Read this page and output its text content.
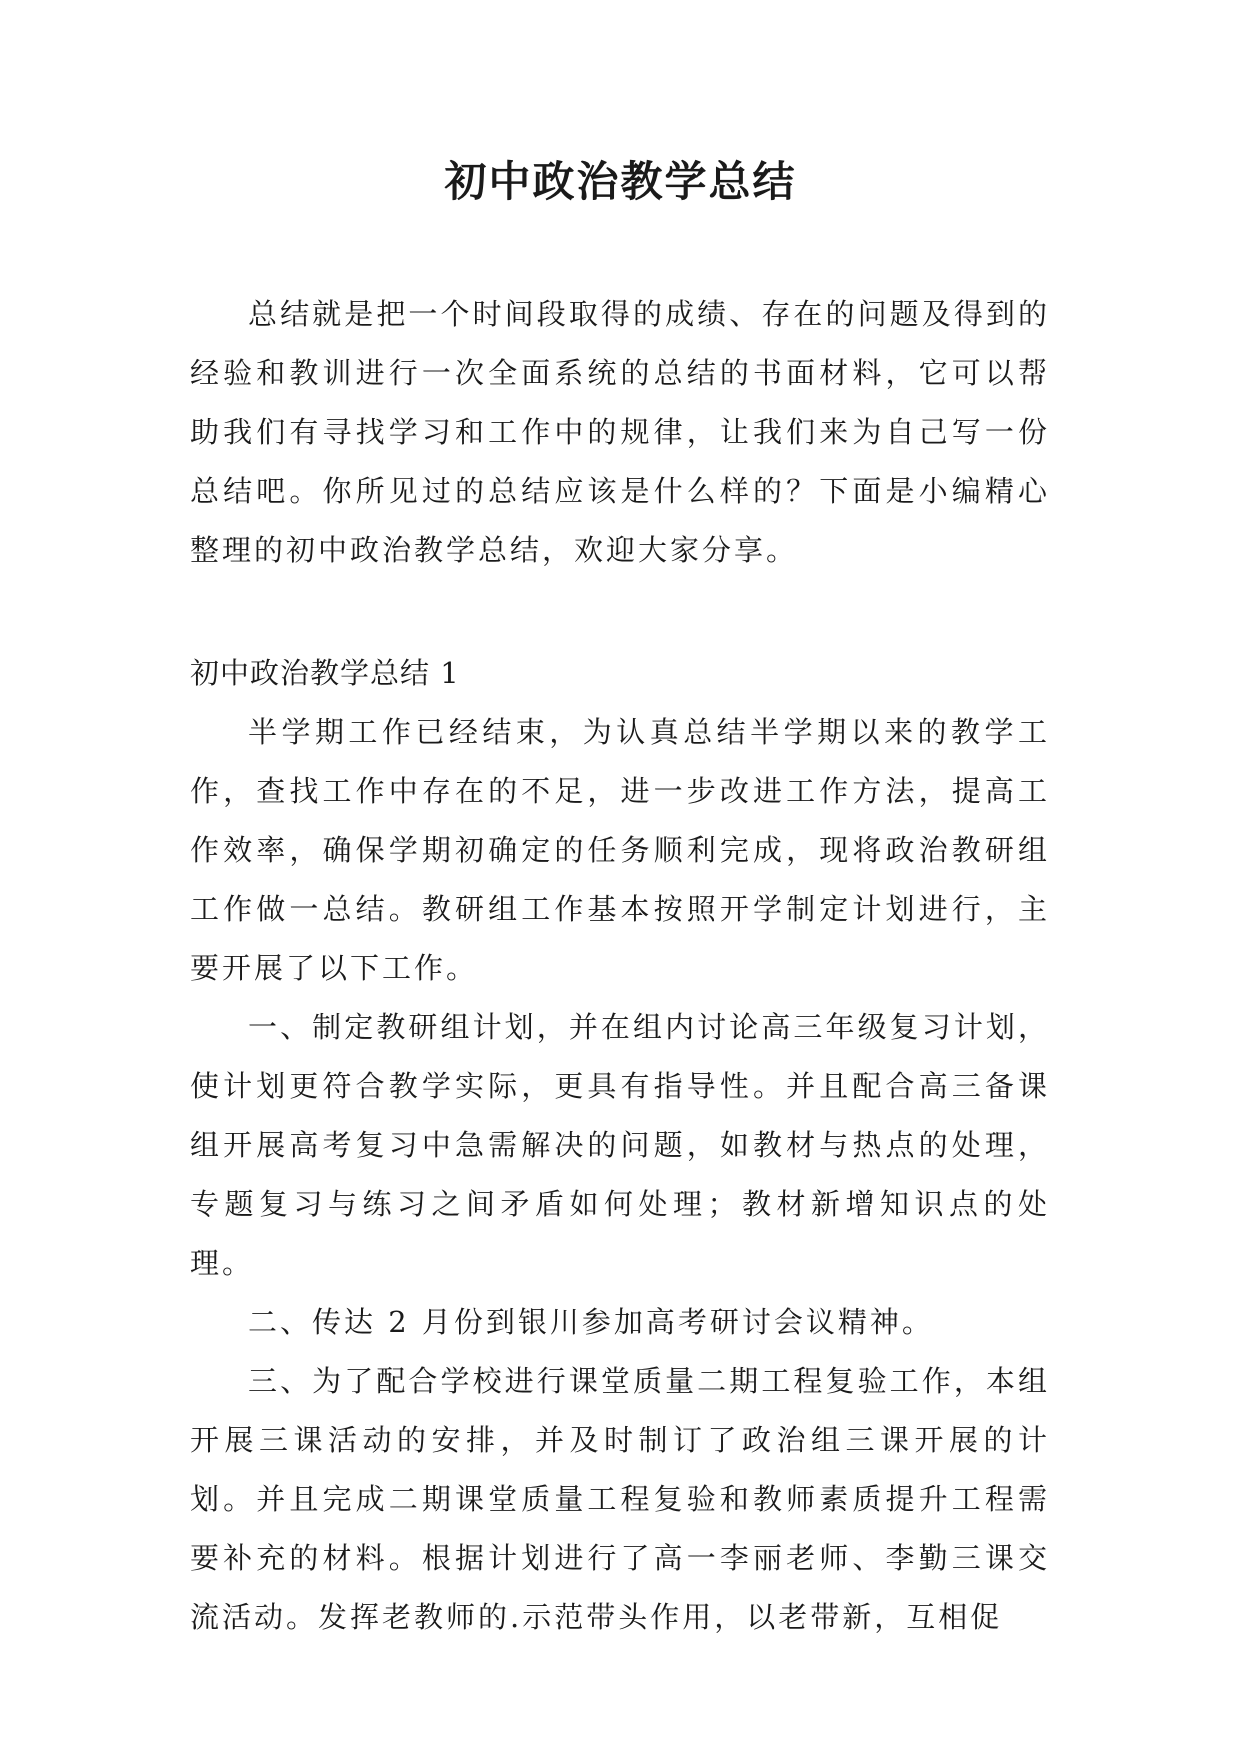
初中政治教学总结

总结就是把一个时间段取得的成绩、存在的问题及得到的经验和教训进行一次全面系统的总结的书面材料，它可以帮助我们有寻找学习和工作中的规律，让我们来为自己写一份总结吧。你所见过的总结应该是什么样的？下面是小编精心整理的初中政治教学总结，欢迎大家分享。

初中政治教学总结 1

半学期工作已经结束，为认真总结半学期以来的教学工作，查找工作中存在的不足，进一步改进工作方法，提高工作效率，确保学期初确定的任务顺利完成，现将政治教研组工作做一总结。教研组工作基本按照开学制定计划进行，主要开展了以下工作。

一、制定教研组计划，并在组内讨论高三年级复习计划，使计划更符合教学实际，更具有指导性。并且配合高三备课组开展高考复习中急需解决的问题，如教材与热点的处理，专题复习与练习之间矛盾如何处理；教材新增知识点的处理。

二、传达 2 月份到银川参加高考研讨会议精神。

三、为了配合学校进行课堂质量二期工程复验工作，本组开展三课活动的安排，并及时制订了政治组三课开展的计划。并且完成二期课堂质量工程复验和教师素质提升工程需要补充的材料。根据计划进行了高一李丽老师、李勤三课交流活动。发挥老教师的.示范带头作用，以老带新，互相促
